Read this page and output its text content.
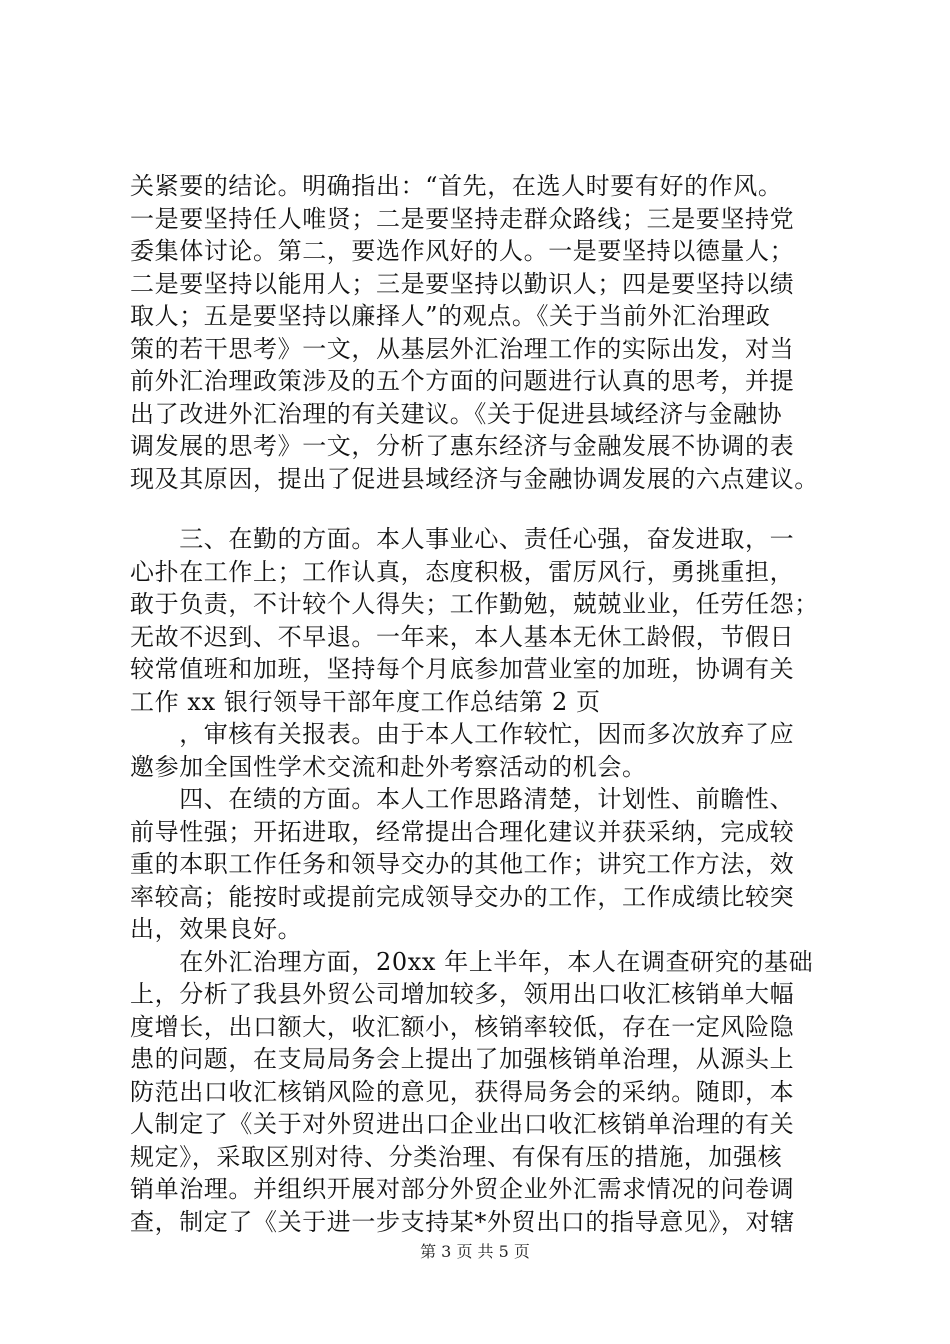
关紧要的结论。明确指出：“首先，在选人时要有好的作风。
一是要坚持任人唯贤；二是要坚持走群众路线；三是要坚持党
委集体讨论。第二，要选作风好的人。一是要坚持以德量人；
二是要坚持以能用人；三是要坚持以勤识人；四是要坚持以绩
取人；五是要坚持以廉择人”的观点。《关于当前外汇治理政
策的若干思考》一文，从基层外汇治理工作的实际出发，对当
前外汇治理政策涉及的五个方面的问题进行认真的思考，并提
出了改进外汇治理的有关建议。《关于促进县域经济与金融协
调发展的思考》一文，分析了惠东经济与金融发展不协调的表
现及其原因，提出了促进县域经济与金融协调发展的六点建议。
　　三、在勤的方面。本人事业心、责任心强，奋发进取，一
心扑在工作上；工作认真，态度积极，雷厉风行，勇挑重担，
敢于负责，不计较个人得失；工作勤勉，兢兢业业，任劳任怨；
无故不迟到、不早退。一年来，本人基本无休工龄假，节假日
较常值班和加班，坚持每个月底参加营业室的加班，协调有关
工作 xx 银行领导干部年度工作总结第 2 页
　　，审核有关报表。由于本人工作较忙，因而多次放弃了应
邀参加全国性学术交流和赴外考察活动的机会。
　　四、在绩的方面。本人工作思路清楚，计划性、前瞻性、
前导性强；开拓进取，经常提出合理化建议并获采纳，完成较
重的本职工作任务和领导交办的其他工作；讲究工作方法，效
率较高；能按时或提前完成领导交办的工作，工作成绩比较突
出，效果良好。
　　在外汇治理方面，20xx 年上半年，本人在调查研究的基础
上，分析了我县外贸公司增加较多，领用出口收汇核销单大幅
度增长，出口额大，收汇额小，核销率较低，存在一定风险隐
患的问题，在支局局务会上提出了加强核销单治理，从源头上
防范出口收汇核销风险的意见，获得局务会的采纳。随即，本
人制定了《关于对外贸进出口企业出口收汇核销单治理的有关
规定》，采取区别对待、分类治理、有保有压的措施，加强核
销单治理。并组织开展对部分外贸企业外汇需求情况的问卷调
查，制定了《关于进一步支持某*外贸出口的指导意见》，对辖
第 3 页 共 5 页
